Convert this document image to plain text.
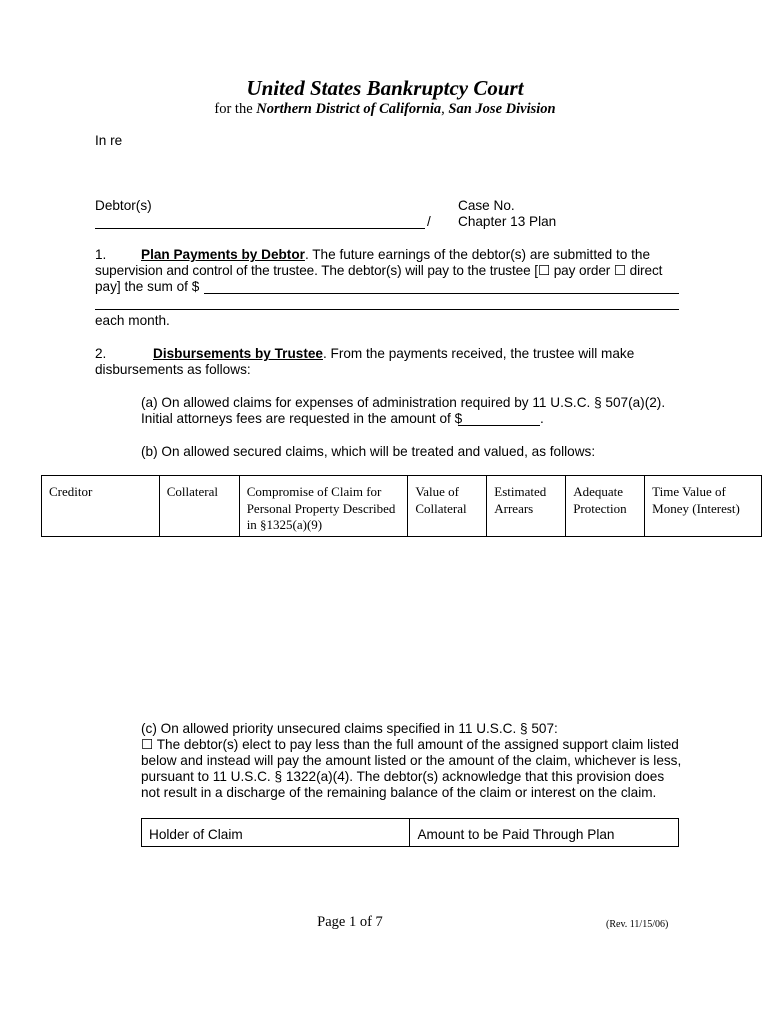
United States Bankruptcy Court
for the Northern District of California, San Jose Division
In re
Debtor(s)
/
Case No.
Chapter 13 Plan
1.	Plan Payments by Debtor. The future earnings of the debtor(s) are submitted to the
supervision and control of the trustee. The debtor(s) will pay to the trustee [☐ pay order ☐ direct
pay] the sum of $
each month.
2.	Disbursements by Trustee. From the payments received, the trustee will make
disbursements as follows:
(a) On allowed claims for expenses of administration required by 11 U.S.C. § 507(a)(2).
Initial attorneys fees are requested in the amount of $	.
(b) On allowed secured claims, which will be treated and valued, as follows:
Creditor	Collateral	Compromise of Claim for Personal Property Described in §1325(a)(9)	Value of Collateral	Estimated Arrears	Adequate Protection	Time Value of Money (Interest)
(c) On allowed priority unsecured claims specified in 11 U.S.C. § 507:
☐ The debtor(s) elect to pay less than the full amount of the assigned support claim listed
below and instead will pay the amount listed or the amount of the claim, whichever is less,
pursuant to 11 U.S.C. § 1322(a)(4). The debtor(s) acknowledge that this provision does
not result in a discharge of the remaining balance of the claim or interest on the claim.
Holder of Claim	Amount to be Paid Through Plan
Page 1 of 7	(Rev. 11/15/06)
